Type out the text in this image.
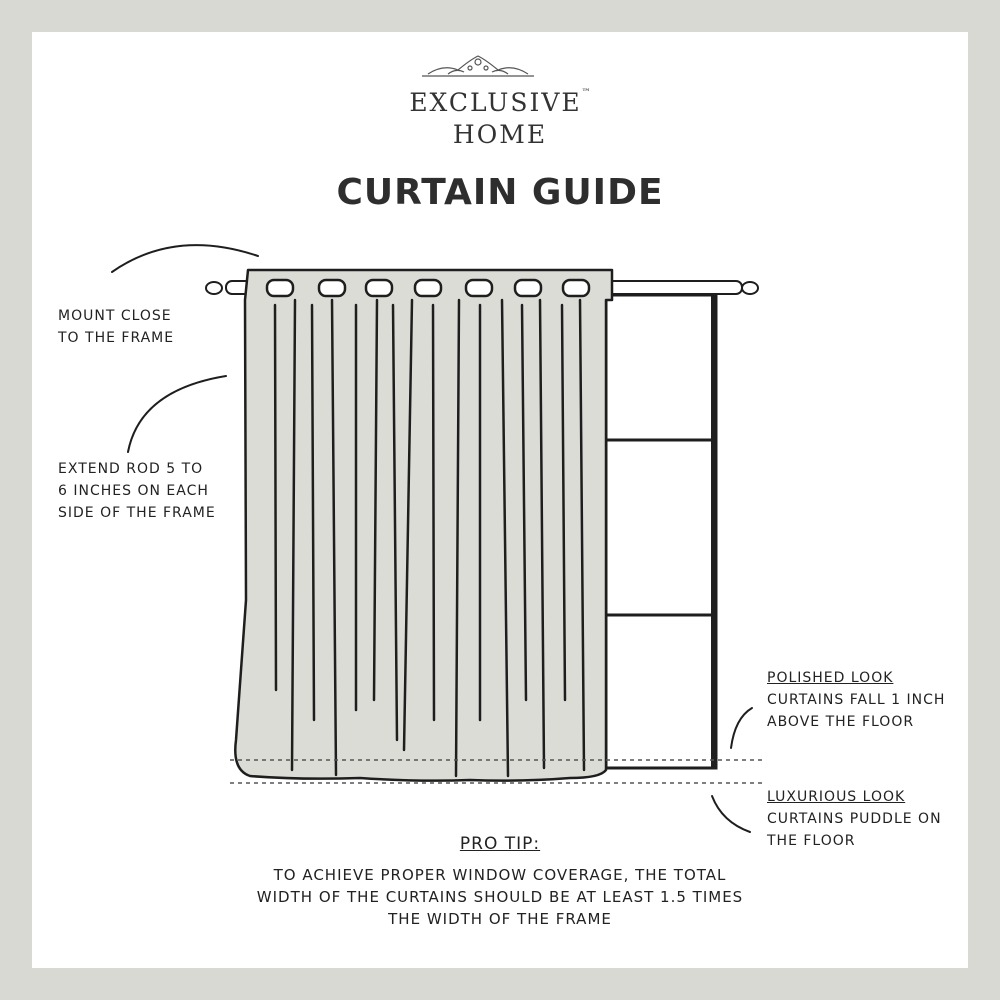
EXCLUSIVE™
HOME
CURTAIN GUIDE
MOUNT CLOSE
TO THE FRAME
EXTEND ROD 5 TO
6 INCHES ON EACH
SIDE OF THE FRAME
POLISHED LOOK
CURTAINS FALL 1 INCH
ABOVE THE FLOOR
LUXURIOUS LOOK
CURTAINS PUDDLE ON
THE FLOOR
PRO TIP:
TO ACHIEVE PROPER WINDOW COVERAGE, THE TOTAL
WIDTH OF THE CURTAINS SHOULD BE AT LEAST 1.5 TIMES
THE WIDTH OF THE FRAME
